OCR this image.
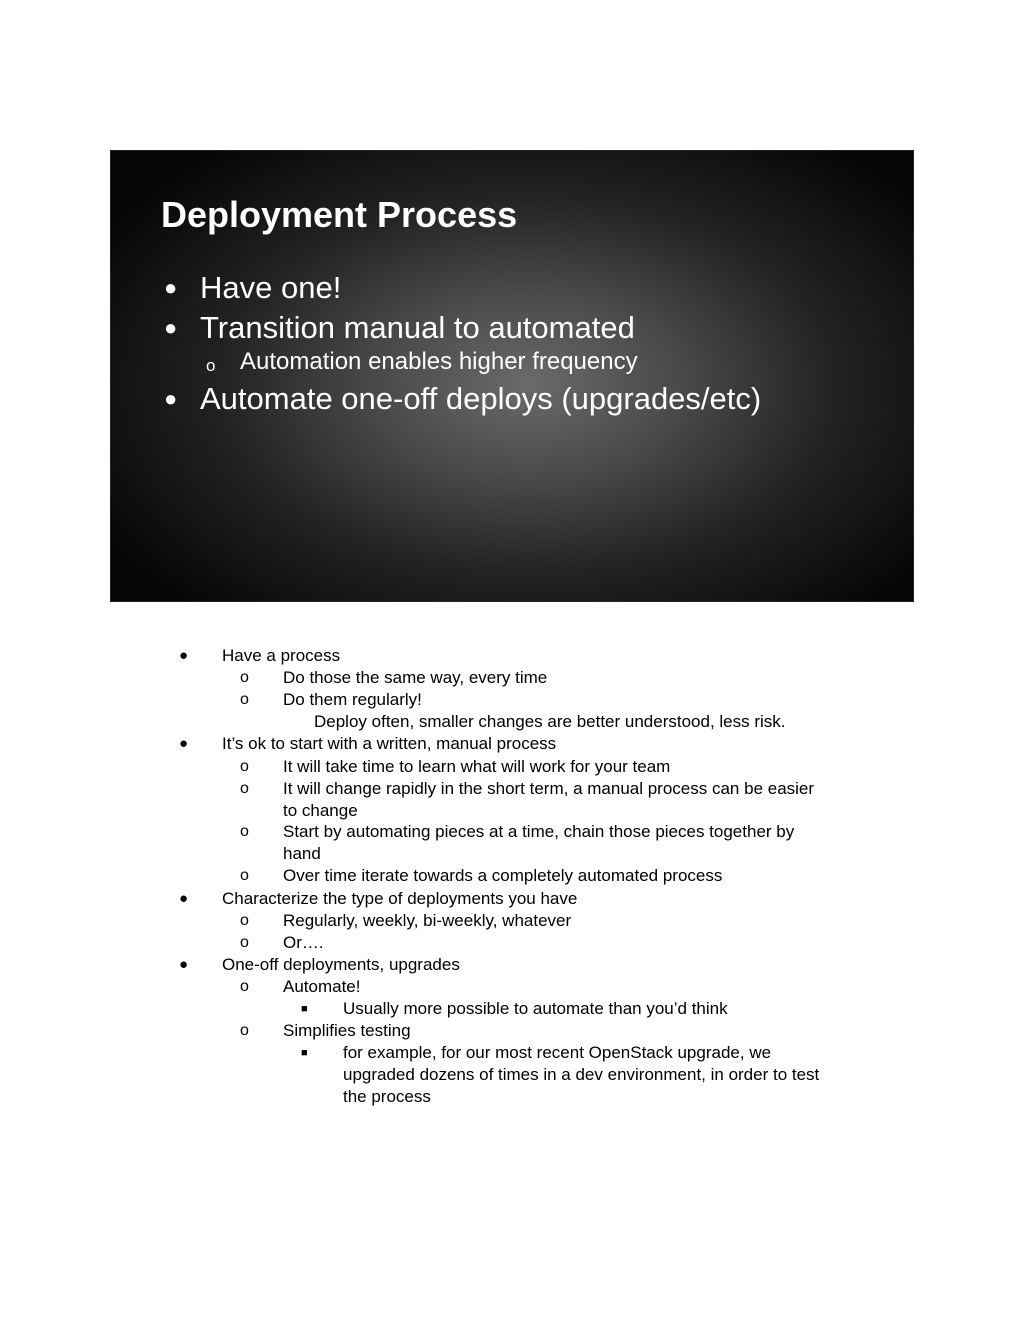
Deployment Process
● Have one!
● Transition manual to automated
o Automation enables higher frequency
● Automate one-off deploys (upgrades/etc)
● Have a process
o Do those the same way, every time
o Do them regularly!
Deploy often, smaller changes are better understood, less risk.
● It’s ok to start with a written, manual process
o It will take time to learn what will work for your team
o It will change rapidly in the short term, a manual process can be easier
to change
o Start by automating pieces at a time, chain those pieces together by
hand
o Over time iterate towards a completely automated process
● Characterize the type of deployments you have
o Regularly, weekly, bi-weekly, whatever
o Or….
● One-off deployments, upgrades
o Automate!
■ Usually more possible to automate than you’d think
o Simplifies testing
■ for example, for our most recent OpenStack upgrade, we
upgraded dozens of times in a dev environment, in order to test
the process
